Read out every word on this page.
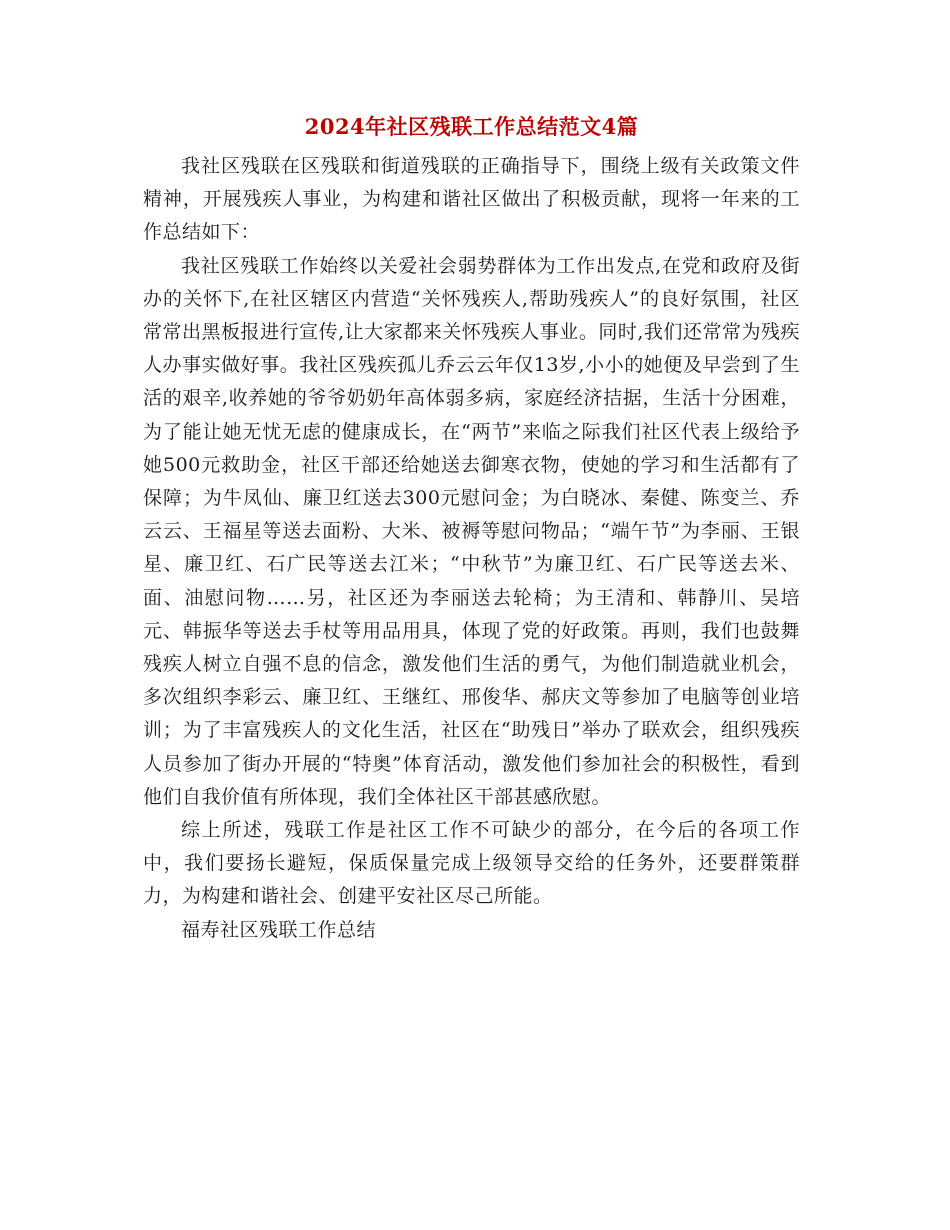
2024年社区残联工作总结范文4篇

我社区残联在区残联和街道残联的正确指导下，围绕上级有关政策文件精神，开展残疾人事业，为构建和谐社区做出了积极贡献，现将一年来的工作总结如下：

我社区残联工作始终以关爱社会弱势群体为工作出发点,在党和政府及街办的关怀下,在社区辖区内营造“关怀残疾人,帮助残疾人”的良好氛围，社区常常出黑板报进行宣传,让大家都来关怀残疾人事业。同时,我们还常常为残疾人办事实做好事。我社区残疾孤儿乔云云年仅13岁,小小的她便及早尝到了生活的艰辛,收养她的爷爷奶奶年高体弱多病，家庭经济拮据，生活十分困难，为了能让她无忧无虑的健康成长，在“两节”来临之际我们社区代表上级给予她500元救助金，社区干部还给她送去御寒衣物，使她的学习和生活都有了保障；为牛凤仙、廉卫红送去300元慰问金；为白晓冰、秦健、陈变兰、乔云云、王福星等送去面粉、大米、被褥等慰问物品；“端午节”为李丽、王银星、廉卫红、石广民等送去江米；“中秋节”为廉卫红、石广民等送去米、面、油慰问物……另，社区还为李丽送去轮椅；为王清和、韩静川、吴培元、韩振华等送去手杖等用品用具，体现了党的好政策。再则，我们也鼓舞残疾人树立自强不息的信念，激发他们生活的勇气，为他们制造就业机会，多次组织李彩云、廉卫红、王继红、邢俊华、郝庆文等参加了电脑等创业培训；为了丰富残疾人的文化生活，社区在“助残日”举办了联欢会，组织残疾人员参加了街办开展的“特奥”体育活动，激发他们参加社会的积极性，看到他们自我价值有所体现，我们全体社区干部甚感欣慰。

综上所述，残联工作是社区工作不可缺少的部分，在今后的各项工作中，我们要扬长避短，保质保量完成上级领导交给的任务外，还要群策群力，为构建和谐社会、创建平安社区尽己所能。

福寿社区残联工作总结
